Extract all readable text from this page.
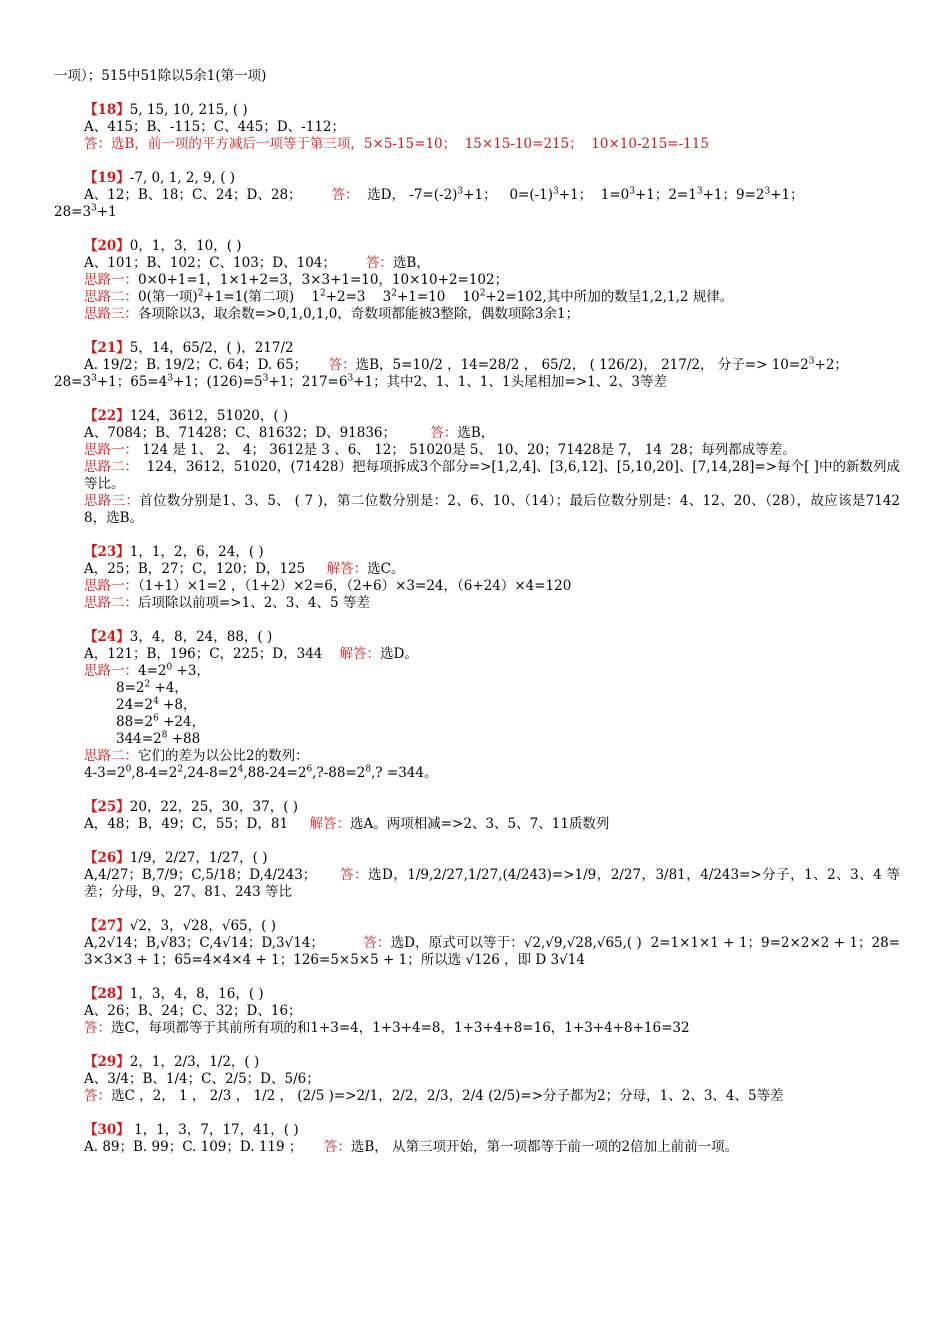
一项）；515中51除以5余1(第一项)
【18】5, 15, 10, 215, ( )
A、415；B、-115；C、445；D、-112；
答：选B，前一项的平方减后一项等于第三项，5×5-15=10；  15×15-10=215；  10×10-215=-115
【19】-7, 0, 1, 2, 9, ( )
A、12；B、18；C、24；D、28；       答：  选D， $-7=(-2)^3+1$；   $0=(-1)^3+1$；  $1=0^3+1$；$2=1^3+1$；$9=2^3+1$；
$28=3^3+1$
【20】0，1，3，10，( )
A、101；B、102；C、103；D、104；       答：选B，
思路一：0×0+1=1，1×1+2=3，3×3+1=10，10×10+2=102；
思路二：0(第一项)$^2$+1=1(第二项)    $1^2+2=3$    $3^2+1=10$    $10^2+2=102$,其中所加的数呈1,2,1,2 规律。
思路三：各项除以3，取余数=>0,1,0,1,0，奇数项都能被3整除，偶数项除3余1；
【21】5，14，65/2，( )，217/2
A. 19/2；B. 19/2；C. 64；D. 65；     答：选B，5=10/2 ，14=28/2 ， 65/2， ( 126/2)， 217/2， 分子=> $10=2^3+2$；
$28=3^3+1$；$65=4^3+1$；$(126)=5^3+1$；$217=6^3+1$；其中2、1、1、1、1头尾相加=>1、2、3等差
【22】124，3612，51020，( )
A、7084；B、71428；C、81632；D、91836；        答：选B，
思路一： 124 是 1、 2、 4； 3612是 3 、6、 12； 51020是 5、 10、20；71428是 7， 14  28；每列都成等差。
思路二：  124，3612，51020，(71428）把每项拆成3个部分=>[1,2,4]、[3,6,12]、[5,10,20]、[7,14,28]=>每个[ ]中的新数列成等比。
思路三：首位数分别是1、3、5、 ( 7 )，第二位数分别是：2、6、10、（14）；最后位数分别是：4、12、20、（28），故应该是71428，选B。
【23】1，1，2，6，24，( )
A，25；B，27；C，120；D，125     解答：选C。
思路一：（1+1）×1=2 ，（1+2）×2=6，（2+6）×3=24，（6+24）×4=120
思路二：后项除以前项=>1、2、3、4、5 等差
【24】3，4，8，24，88，( )
A，121；B，196；C，225；D，344    解答：选D。
思路一：$4=2^0 +3$，
$8=2^2 +4$，
$24=2^4 +8$，
$88=2^6 +24$，
$344=2^8 +88$
思路二：它们的差为以公比2的数列：
$4-3=2^0,8-4=2^2,24-8=2^4,88-24=2^6,?-88=2^8$,? =344。
【25】20，22，25，30，37，( )
A，48；B，49；C，55；D，81     解答：选A。两项相减=>2、3、5、7、11质数列
【26】1/9，2/27，1/27，( )
A,4/27；B,7/9；C,5/18；D,4/243；     答：选D，1/9,2/27,1/27,(4/243)=>1/9，2/27，3/81，4/243=>分子，1、2、3、4 等差；分母，9、27、81、243 等比
【27】√2，3，√28，√65，( )
A,2√14；B,√83；C,4√14；D,3√14；         答：选D，原式可以等于：√2,√9,√28,√65,( )  2=1×1×1 + 1；9=2×2×2 + 1；28=3×3×3 + 1；65=4×4×4 + 1；126=5×5×5 + 1；所以选 √126 ，即 D 3√14
【28】1，3，4，8，16，( )
A、26；B、24；C、32；D、16；
答：选C，每项都等于其前所有项的和1+3=4，1+3+4=8，1+3+4+8=16，1+3+4+8+16=32
【29】2，1，2/3，1/2，( )
A、3/4；B、1/4；C、2/5；D、5/6；
答：选C ，2， 1 ， 2/3 ， 1/2 ， (2/5 )=>2/1，2/2，2/3，2/4 (2/5)=>分子都为2；分母，1、2、3、4、5等差
【30】 1，1，3，7，17，41，( )
A. 89；B. 99；C. 109；D. 119 ；     答：选B， 从第三项开始，第一项都等于前一项的2倍加上前前一项。
